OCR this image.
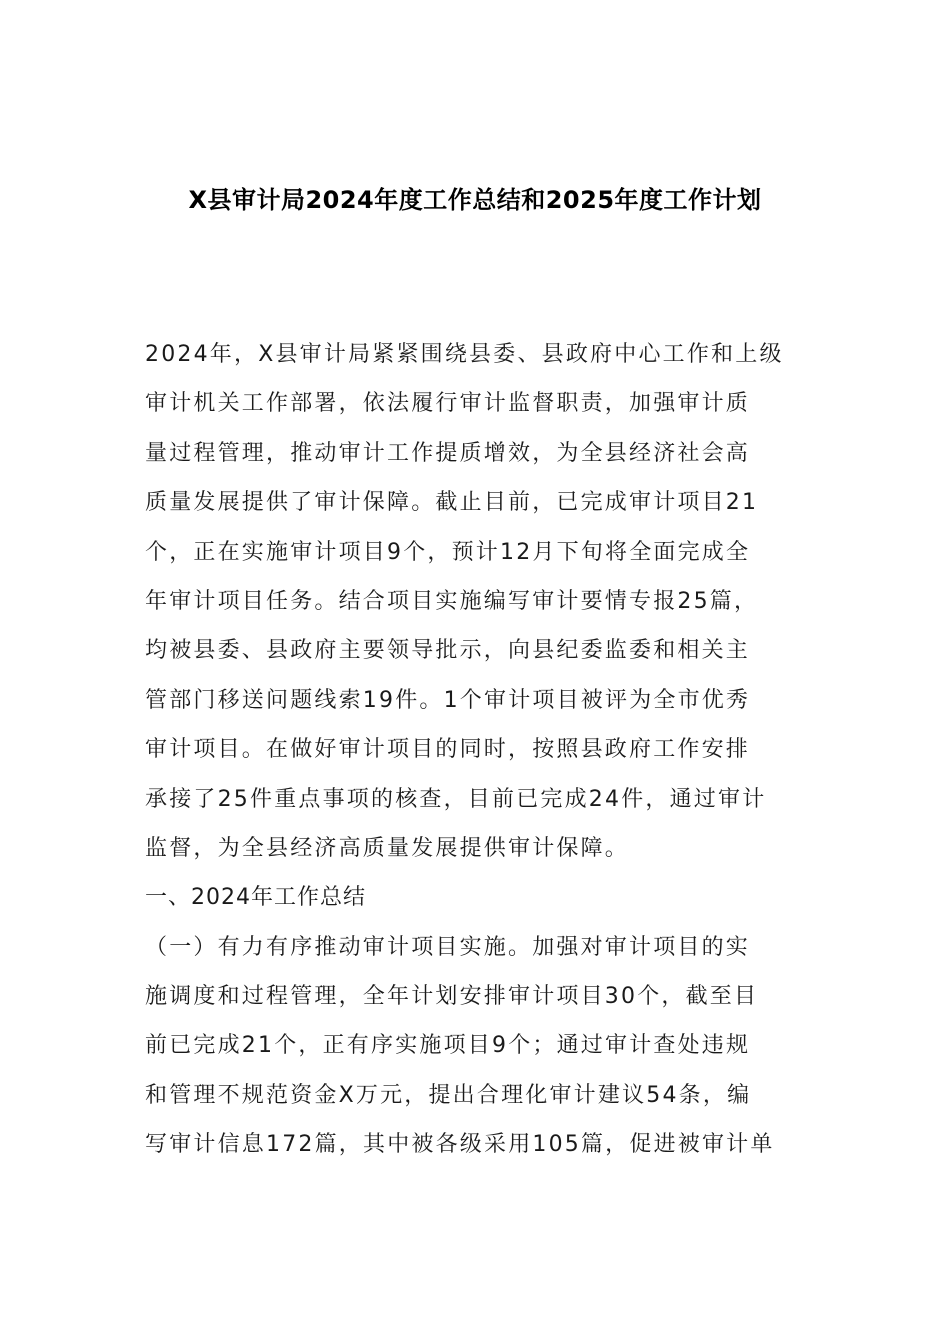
X县审计局2024年度工作总结和2025年度工作计划
2024年，X县审计局紧紧围绕县委、县政府中心工作和上级
审计机关工作部署，依法履行审计监督职责，加强审计质
量过程管理，推动审计工作提质增效，为全县经济社会高
质量发展提供了审计保障。截止目前，已完成审计项目21
个，正在实施审计项目9个，预计12月下旬将全面完成全
年审计项目任务。结合项目实施编写审计要情专报25篇，
均被县委、县政府主要领导批示，向县纪委监委和相关主
管部门移送问题线索19件。1个审计项目被评为全市优秀
审计项目。在做好审计项目的同时，按照县政府工作安排
承接了25件重点事项的核查，目前已完成24件，通过审计
监督，为全县经济高质量发展提供审计保障。
一、2024年工作总结
（一）有力有序推动审计项目实施。加强对审计项目的实
施调度和过程管理，全年计划安排审计项目30个，截至目
前已完成21个，正有序实施项目9个；通过审计查处违规
和管理不规范资金X万元，提出合理化审计建议54条，编
写审计信息172篇，其中被各级采用105篇，促进被审计单
